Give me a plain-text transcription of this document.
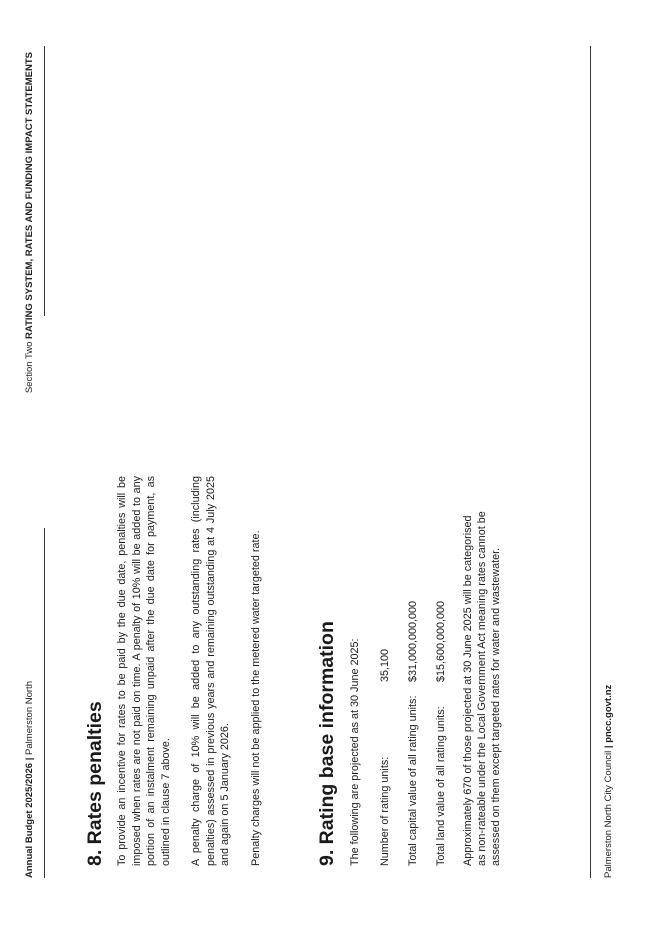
Annual Budget 2025/2026 | Palmerston North
Section Two RATING SYSTEM, RATES AND FUNDING IMPACT STATEMENTS
8. Rates penalties To provide an incentive for rates to be paid by the due date, penalties will be imposed when rates are not paid on time. A penalty of 10% will be added to any portion of an instalment remaining unpaid after the due date for payment, as outlined in clause 7 above. A penalty charge of 10% will be added to any outstanding rates (including penalties) assessed in previous years and remaining outstanding at 4 July 2025 and again on 5 January 2026. Penalty charges will not be applied to the metered water targeted rate.	9. Rating base information The following are projected as at 30 June 2025: Number of rating units:35,100
Total capital value of all rating units:$31,000,000,000
Total land value of all rating units:$15,600,000,000 Approximately 670 of those projected at 30 June 2025 will be categorised as non-rateable under the Local Government Act meaning rates cannot be assessed on them except targeted rates for water and wastewater.	Palmerston North City Council | pncc.govt.nz
